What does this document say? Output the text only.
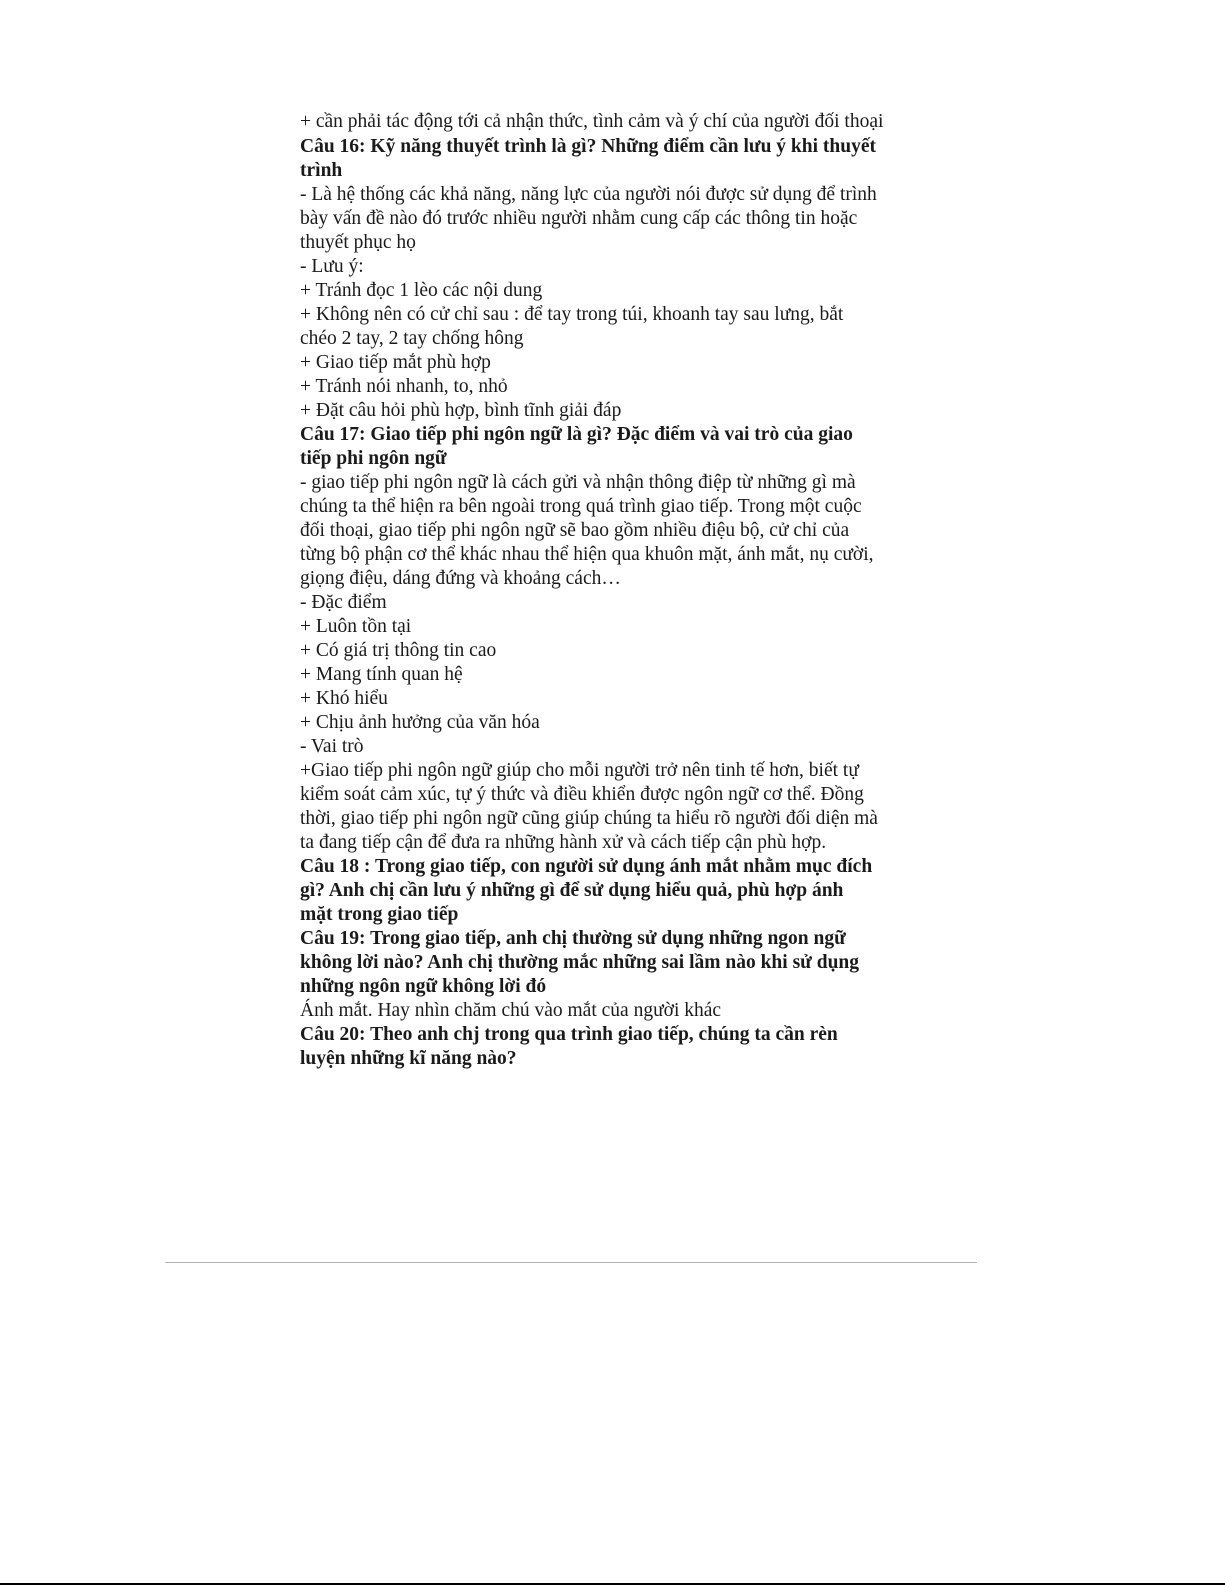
+ cần phải tác động tới cả nhận thức, tình cảm và ý chí của người đối thoại
Câu 16: Kỹ năng thuyết trình là gì? Những điểm cần lưu ý khi thuyết
trình
- Là hệ thống các khả năng, năng lực của người nói được sử dụng để trình
bày vấn đề nào đó trước nhiều người nhằm cung cấp các thông tin hoặc
thuyết phục họ
- Lưu ý:
+ Tránh đọc 1 lèo các nội dung
+ Không nên có cử chỉ sau : để tay trong túi, khoanh tay sau lưng, bắt
chéo 2 tay, 2 tay chống hông
+ Giao tiếp mắt phù hợp
+ Tránh nói nhanh, to, nhỏ
+ Đặt câu hỏi phù hợp, bình tĩnh giải đáp
Câu 17: Giao tiếp phi ngôn ngữ là gì? Đặc điểm và vai trò của giao
tiếp phi ngôn ngữ
- giao tiếp phi ngôn ngữ là cách gửi và nhận thông điệp từ những gì mà
chúng ta thể hiện ra bên ngoài trong quá trình giao tiếp. Trong một cuộc
đối thoại, giao tiếp phi ngôn ngữ sẽ bao gồm nhiều điệu bộ, cử chỉ của
từng bộ phận cơ thể khác nhau thể hiện qua khuôn mặt, ánh mắt, nụ cười,
giọng điệu, dáng đứng và khoảng cách…
- Đặc điểm
+ Luôn tồn tại
+ Có giá trị thông tin cao
+ Mang tính quan hệ
+ Khó hiểu
+ Chịu ảnh hưởng của văn hóa
- Vai trò
+Giao tiếp phi ngôn ngữ giúp cho mỗi người trở nên tinh tế hơn, biết tự
kiểm soát cảm xúc, tự ý thức và điều khiển được ngôn ngữ cơ thể. Đồng
thời, giao tiếp phi ngôn ngữ cũng giúp chúng ta hiểu rõ người đối diện mà
ta đang tiếp cận để đưa ra những hành xử và cách tiếp cận phù hợp.
Câu 18 : Trong giao tiếp, con người sử dụng ánh mắt nhằm mục đích
gì? Anh chị cần lưu ý những gì để sử dụng hiểu quả, phù hợp ánh
mặt trong giao tiếp
Câu 19: Trong giao tiếp, anh chị thường sử dụng những ngon ngữ
không lời nào? Anh chị thường mắc những sai lầm nào khi sử dụng
những ngôn ngữ không lời đó
Ánh mắt. Hay nhìn chăm chú vào mắt của người khác
Câu 20: Theo anh chj trong qua trình giao tiếp, chúng ta cần rèn
luyện những kĩ năng nào?
